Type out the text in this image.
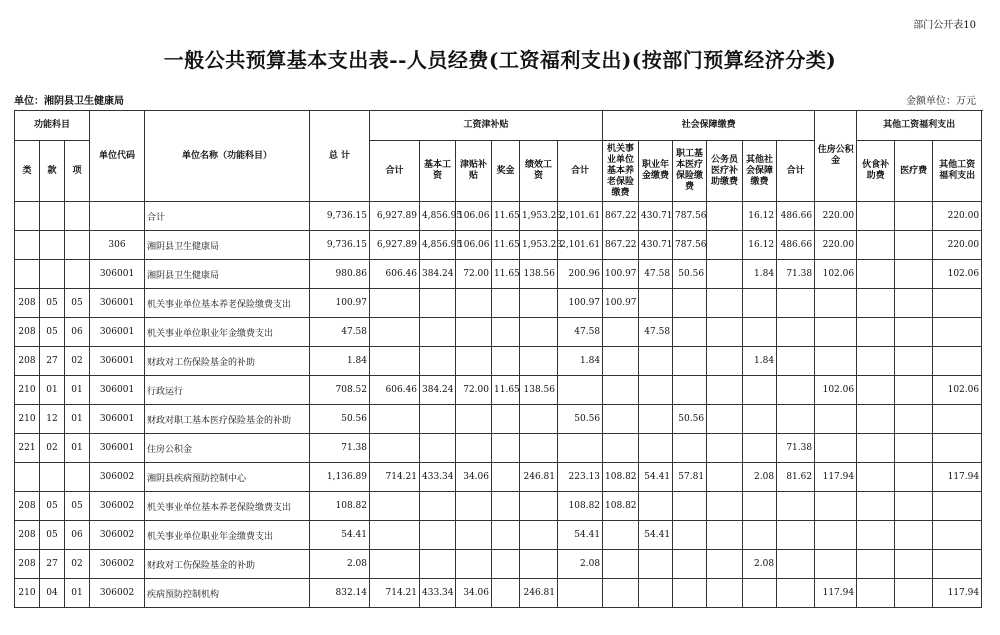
部门公开表10
一般公共预算基本支出表--人员经费(工资福利支出)(按部门预算经济分类)
单位：湘阴县卫生健康局	金额单位：万元
功能科目			单位代码	单位名称（功能科目）	总 计	工资津补贴						社会保障缴费						住房公积金	其他工资福利支出		
类	款	项				合计	基本工资	津贴补贴	奖金	绩效工资	合计	机关事业单位基本养老保险缴费	职业年金缴费	职工基本医疗保险缴费	公务员医疗补助缴费	其他社会保障缴费	合计		伙食补助费	医疗费	其他工资福利支出
				合计	9,736.15	6,927.89	4,856.95	106.06	11.65	1,953.23	2,101.61	867.22	430.71	787.56		16.12	486.66	220.00			220.00
			306	湘阴县卫生健康局	9,736.15	6,927.89	4,856.95	106.06	11.65	1,953.23	2,101.61	867.22	430.71	787.56		16.12	486.66	220.00			220.00
			306001	湘阴县卫生健康局	980.86	606.46	384.24	72.00	11.65	138.56	200.96	100.97	47.58	50.56		1.84	71.38	102.06			102.06
208	05	05	306001	机关事业单位基本养老保险缴费支出	100.97						100.97	100.97									
208	05	06	306001	机关事业单位职业年金缴费支出	47.58						47.58		47.58								
208	27	02	306001	财政对工伤保险基金的补助	1.84						1.84					1.84					
210	01	01	306001	行政运行	708.52	606.46	384.24	72.00	11.65	138.56								102.06			102.06
210	12	01	306001	财政对职工基本医疗保险基金的补助	50.56						50.56			50.56							
221	02	01	306001	住房公积金	71.38												71.38				
			306002	湘阴县疾病预防控制中心	1,136.89	714.21	433.34	34.06		246.81	223.13	108.82	54.41	57.81		2.08	81.62	117.94			117.94
208	05	05	306002	机关事业单位基本养老保险缴费支出	108.82						108.82	108.82									
208	05	06	306002	机关事业单位职业年金缴费支出	54.41						54.41		54.41								
208	27	02	306002	财政对工伤保险基金的补助	2.08						2.08					2.08					
210	04	01	306002	疾病预防控制机构	832.14	714.21	433.34	34.06		246.81								117.94			117.94
